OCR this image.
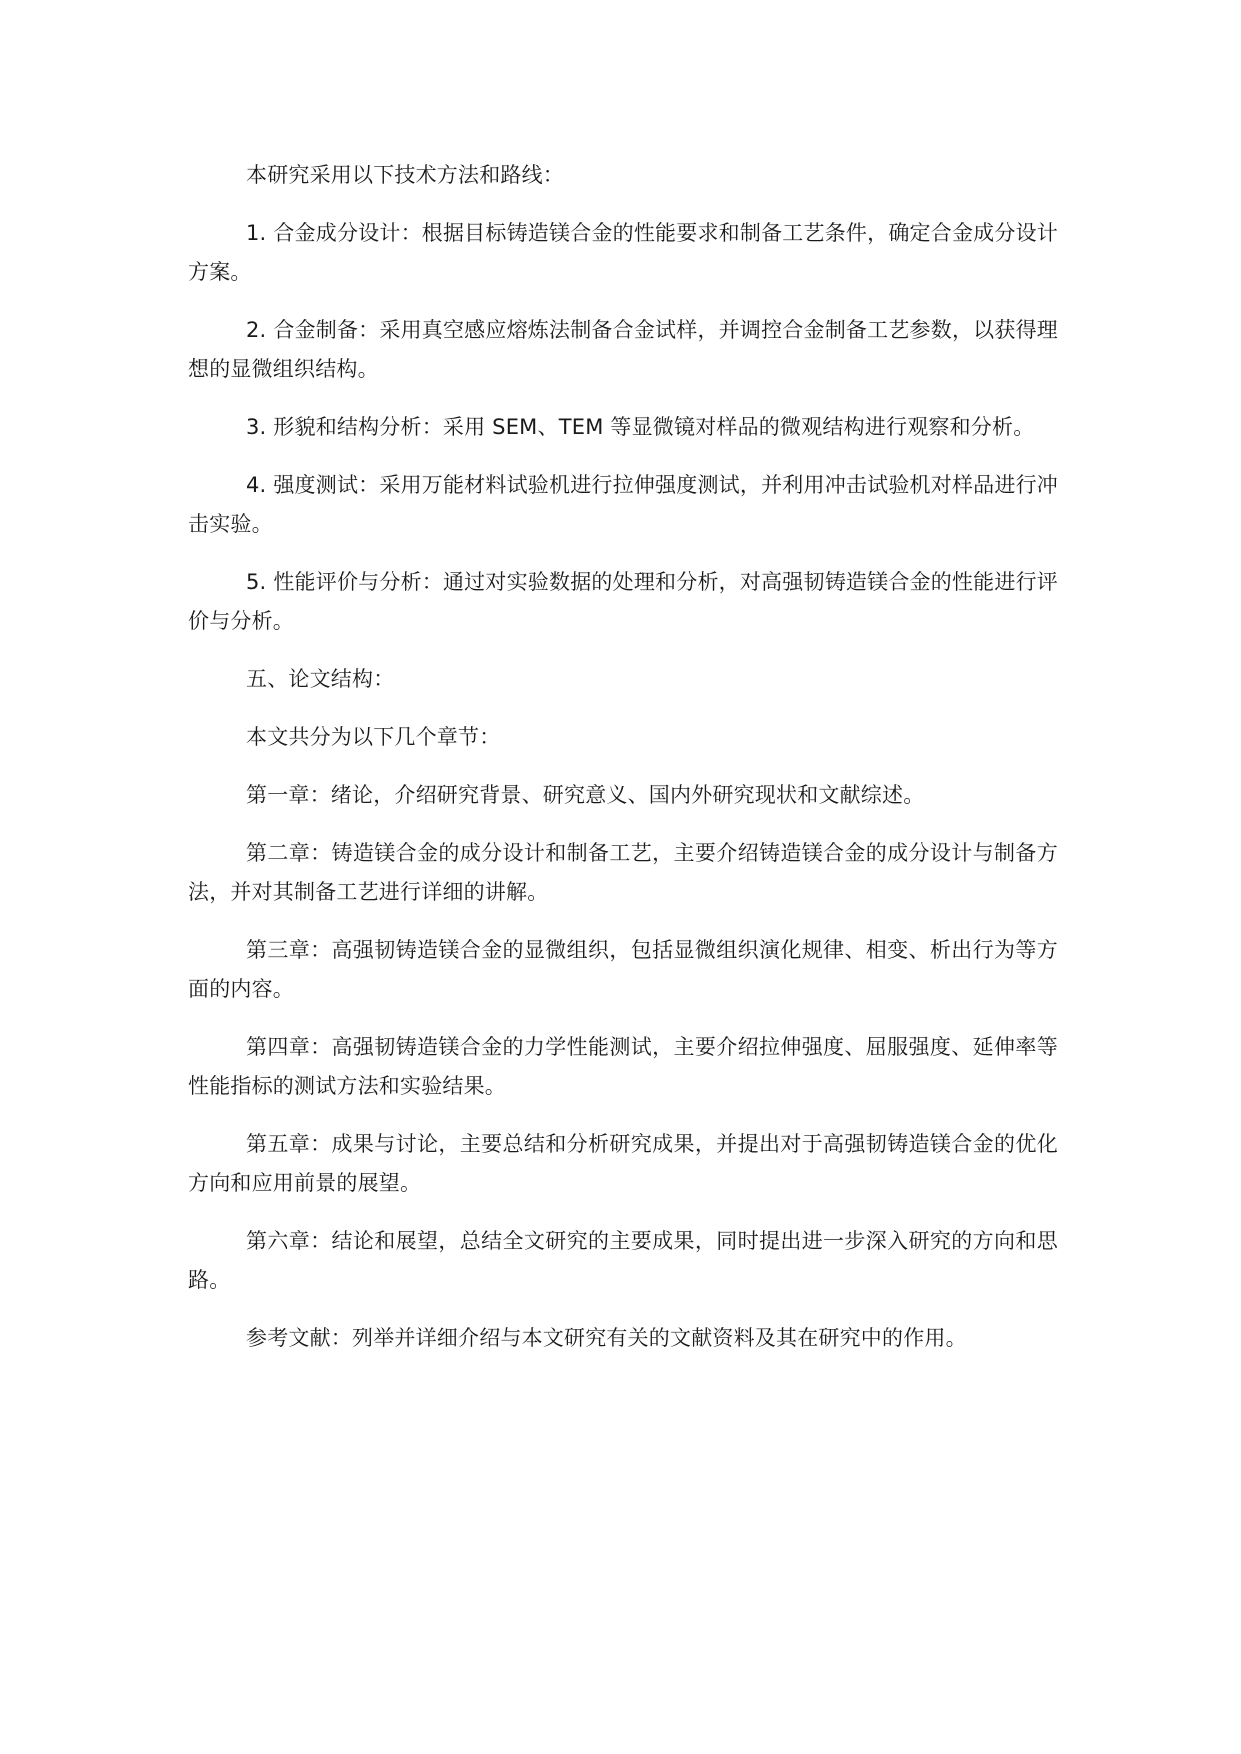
本研究采用以下技术方法和路线：

1. 合金成分设计：根据目标铸造镁合金的性能要求和制备工艺条件，确定合金成分设计方案。

2. 合金制备：采用真空感应熔炼法制备合金试样，并调控合金制备工艺参数，以获得理想的显微组织结构。

3. 形貌和结构分析：采用 SEM、TEM 等显微镜对样品的微观结构进行观察和分析。

4. 强度测试：采用万能材料试验机进行拉伸强度测试，并利用冲击试验机对样品进行冲击实验。

5. 性能评价与分析：通过对实验数据的处理和分析，对高强韧铸造镁合金的性能进行评价与分析。

五、论文结构：

本文共分为以下几个章节：

第一章：绪论，介绍研究背景、研究意义、国内外研究现状和文献综述。

第二章：铸造镁合金的成分设计和制备工艺，主要介绍铸造镁合金的成分设计与制备方法，并对其制备工艺进行详细的讲解。

第三章：高强韧铸造镁合金的显微组织，包括显微组织演化规律、相变、析出行为等方面的内容。

第四章：高强韧铸造镁合金的力学性能测试，主要介绍拉伸强度、屈服强度、延伸率等性能指标的测试方法和实验结果。

第五章：成果与讨论，主要总结和分析研究成果，并提出对于高强韧铸造镁合金的优化方向和应用前景的展望。

第六章：结论和展望，总结全文研究的主要成果，同时提出进一步深入研究的方向和思路。

参考文献：列举并详细介绍与本文研究有关的文献资料及其在研究中的作用。
